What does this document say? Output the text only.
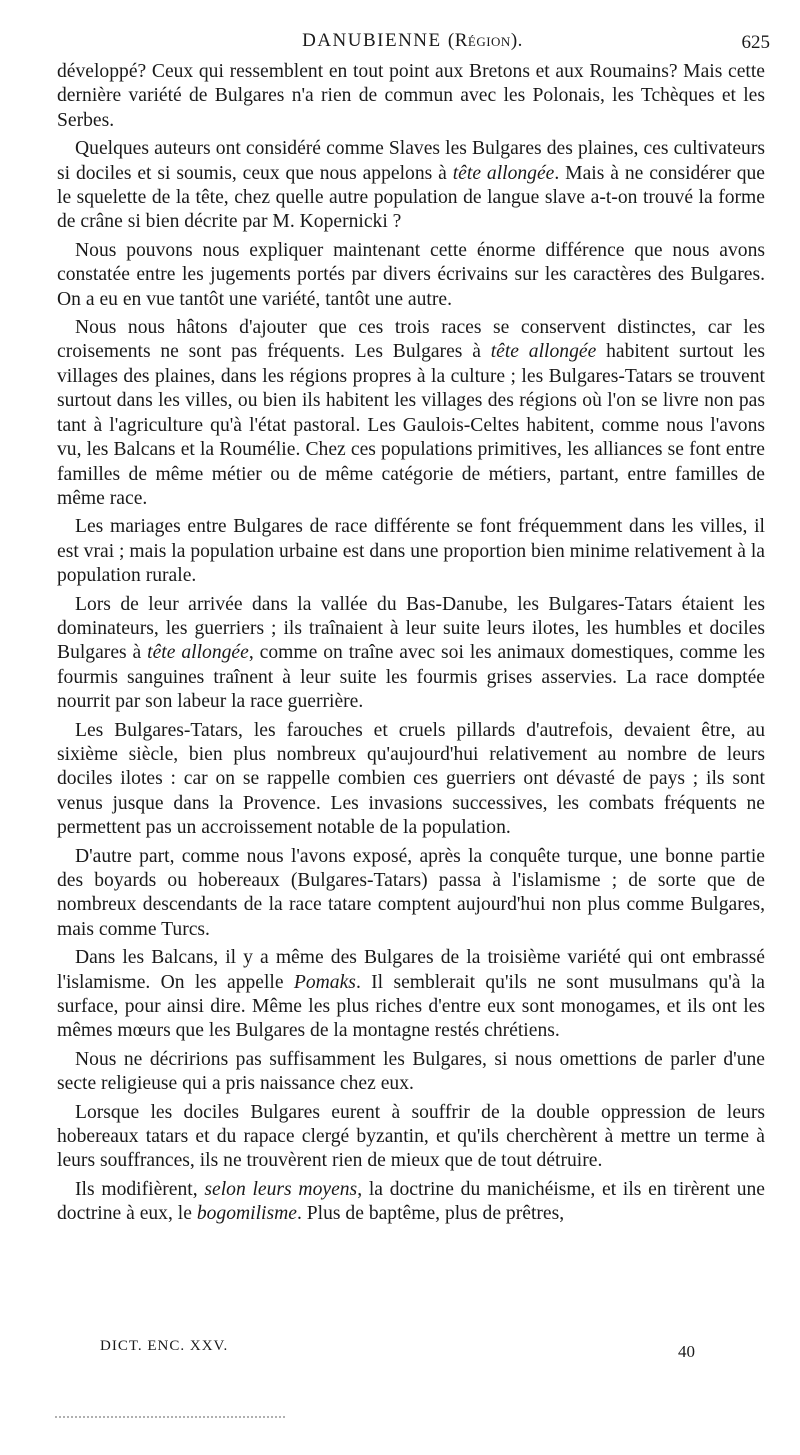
DANUBIENNE (Région).	625

développé? Ceux qui ressemblent en tout point aux Bretons et aux Roumains? Mais cette dernière variété de Bulgares n'a rien de commun avec les Polonais, les Tchèques et les Serbes.

Quelques auteurs ont considéré comme Slaves les Bulgares des plaines, ces cultivateurs si dociles et si soumis, ceux que nous appelons à tête allongée. Mais à ne considérer que le squelette de la tête, chez quelle autre population de langue slave a-t-on trouvé la forme de crâne si bien décrite par M. Kopernicki ?

Nous pouvons nous expliquer maintenant cette énorme différence que nous avons constatée entre les jugements portés par divers écrivains sur les caractères des Bulgares. On a eu en vue tantôt une variété, tantôt une autre.

Nous nous hâtons d'ajouter que ces trois races se conservent distinctes, car les croisements ne sont pas fréquents. Les Bulgares à tête allongée habitent surtout les villages des plaines, dans les régions propres à la culture ; les Bulgares-Tatars se trouvent surtout dans les villes, ou bien ils habitent les villages des régions où l'on se livre non pas tant à l'agriculture qu'à l'état pastoral. Les Gaulois-Celtes habitent, comme nous l'avons vu, les Balcans et la Roumélie. Chez ces populations primitives, les alliances se font entre familles de même métier ou de même catégorie de métiers, partant, entre familles de même race.

Les mariages entre Bulgares de race différente se font fréquemment dans les villes, il est vrai ; mais la population urbaine est dans une proportion bien minime relativement à la population rurale.

Lors de leur arrivée dans la vallée du Bas-Danube, les Bulgares-Tatars étaient les dominateurs, les guerriers ; ils traînaient à leur suite leurs ilotes, les humbles et dociles Bulgares à tête allongée, comme on traîne avec soi les animaux domestiques, comme les fourmis sanguines traînent à leur suite les fourmis grises asservies. La race domptée nourrit par son labeur la race guerrière.

Les Bulgares-Tatars, les farouches et cruels pillards d'autrefois, devaient être, au sixième siècle, bien plus nombreux qu'aujourd'hui relativement au nombre de leurs dociles ilotes : car on se rappelle combien ces guerriers ont dévasté de pays ; ils sont venus jusque dans la Provence. Les invasions successives, les combats fréquents ne permettent pas un accroissement notable de la population.

D'autre part, comme nous l'avons exposé, après la conquête turque, une bonne partie des boyards ou hobereaux (Bulgares-Tatars) passa à l'islamisme ; de sorte que de nombreux descendants de la race tatare comptent aujourd'hui non plus comme Bulgares, mais comme Turcs.

Dans les Balcans, il y a même des Bulgares de la troisième variété qui ont embrassé l'islamisme. On les appelle Pomaks. Il semblerait qu'ils ne sont musulmans qu'à la surface, pour ainsi dire. Même les plus riches d'entre eux sont monogames, et ils ont les mêmes mœurs que les Bulgares de la montagne restés chrétiens.

Nous ne décririons pas suffisamment les Bulgares, si nous omettions de parler d'une secte religieuse qui a pris naissance chez eux.

Lorsque les dociles Bulgares eurent à souffrir de la double oppression de leurs hobereaux tatars et du rapace clergé byzantin, et qu'ils cherchèrent à mettre un terme à leurs souffrances, ils ne trouvèrent rien de mieux que de tout détruire.

Ils modifièrent, selon leurs moyens, la doctrine du manichéisme, et ils en tirèrent une doctrine à eux, le bogomilisme. Plus de baptême, plus de prêtres,

DICT. ENC. XXV.	40
